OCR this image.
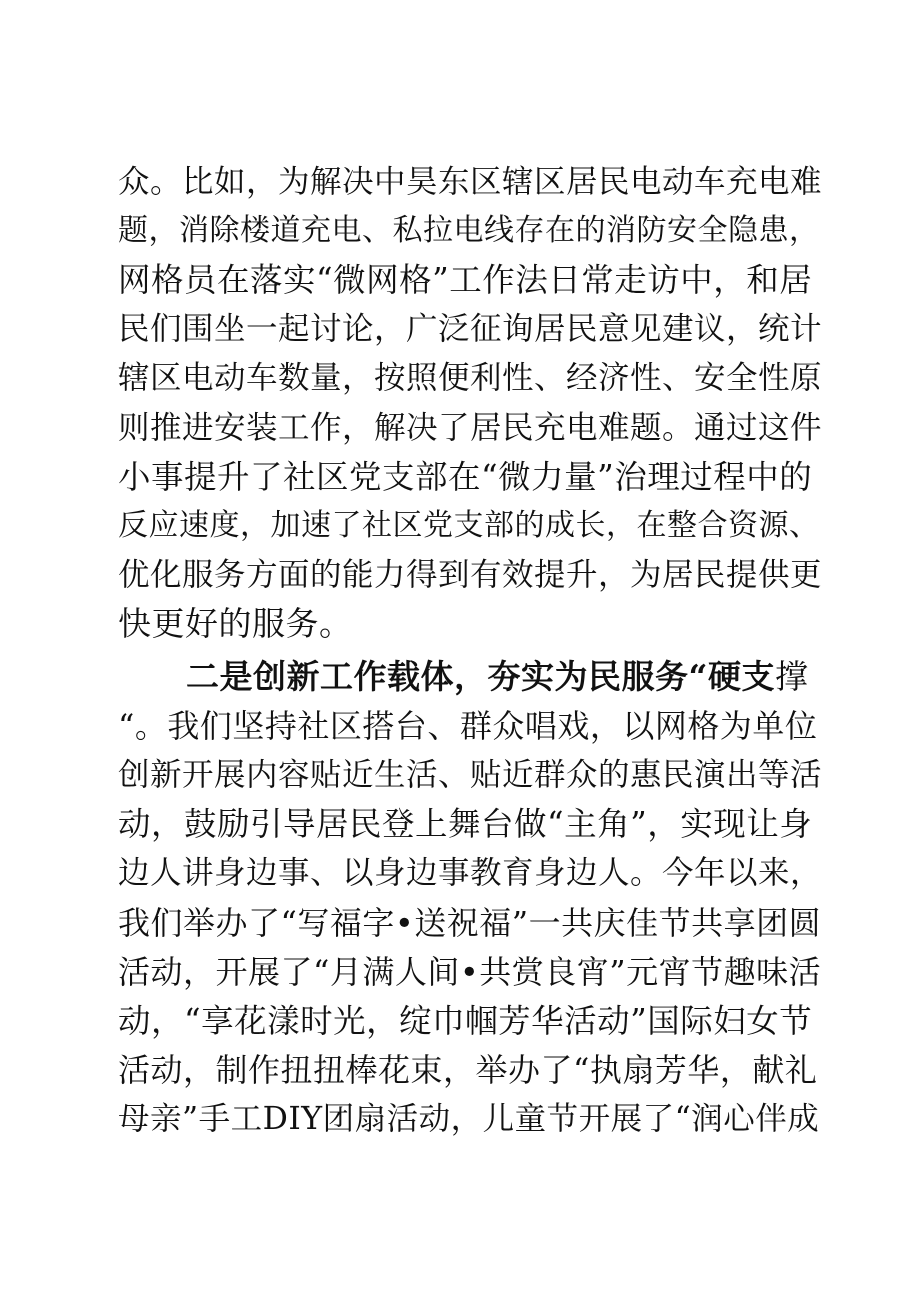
众。比如，为解决中昊东区辖区居民电动车充电难
题，消除楼道充电、私拉电线存在的消防安全隐患，
网格员在落实“微网格”工作法日常走访中，和居
民们围坐一起讨论，广泛征询居民意见建议，统计
辖区电动车数量，按照便利性、经济性、安全性原
则推进安装工作，解决了居民充电难题。通过这件
小事提升了社区党支部在“微力量”治理过程中的
反应速度，加速了社区党支部的成长，在整合资源、
优化服务方面的能力得到有效提升，为居民提供更
快更好的服务。
二是创新工作载体，夯实为民服务“硬支撑
“。我们坚持社区搭台、群众唱戏，以网格为单位
创新开展内容贴近生活、贴近群众的惠民演出等活
动，鼓励引导居民登上舞台做“主角”，实现让身
边人讲身边事、以身边事教育身边人。今年以来，
我们举办了“写福字•送祝福”一共庆佳节共享团圆
活动，开展了“月满人间•共赏良宵”元宵节趣味活
动，“享花漾时光，绽巾帼芳华活动”国际妇女节
活动，制作扭扭棒花束，举办了“执扇芳华，献礼
母亲”手工DIY团扇活动，儿童节开展了“润心伴成
